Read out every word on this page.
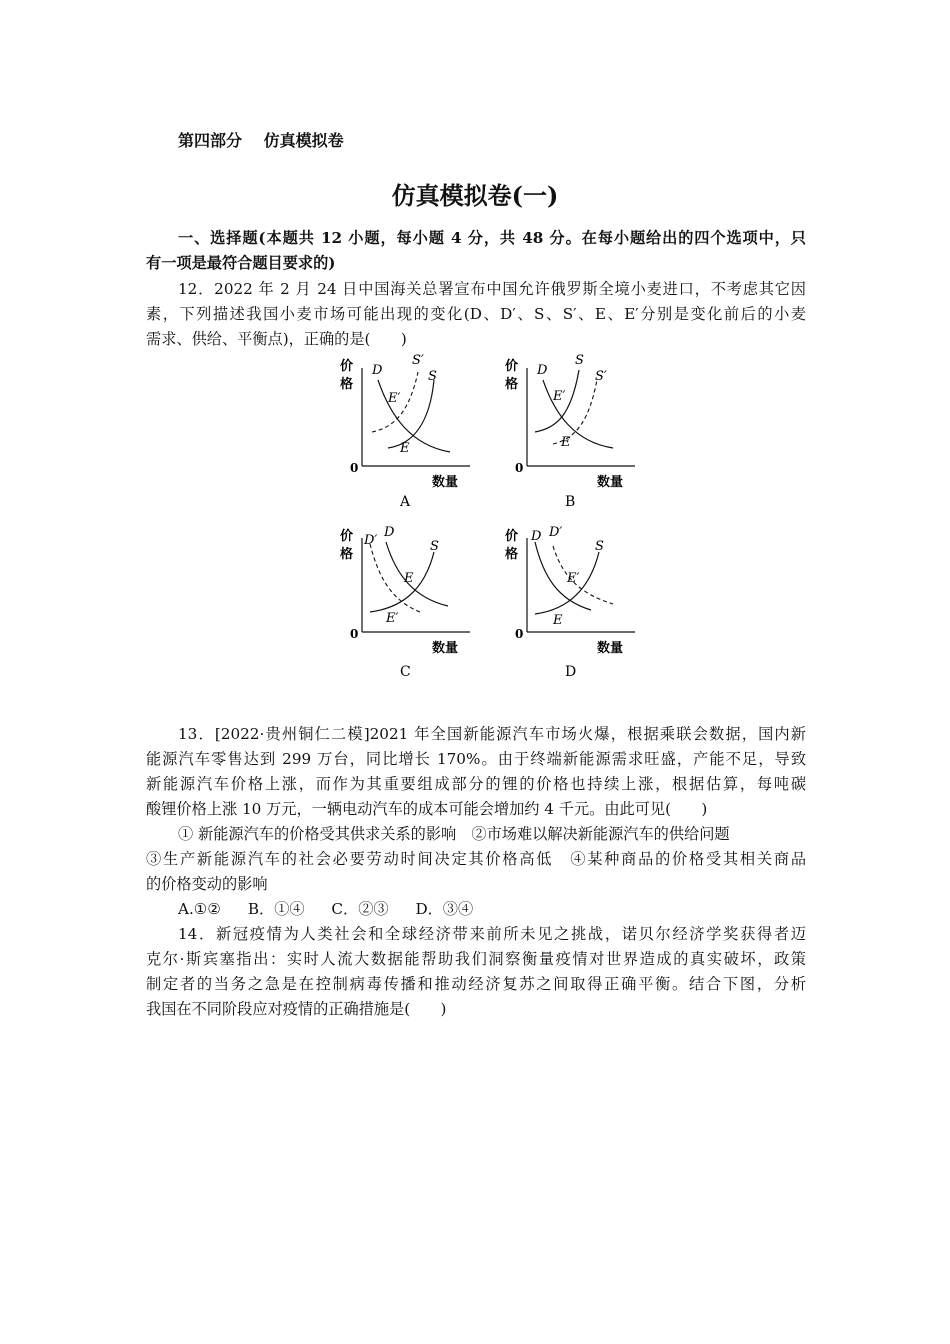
第四部分 仿真模拟卷
仿真模拟卷(一)
一、选择题(本题共 12 小题，每小题 4 分，共 48 分。在每小题给出的四个选项中，只
有一项是最符合题目要求的)
12．2022 年 2 月 24 日中国海关总署宣布中国允许俄罗斯全境小麦进口，不考虑其它因
素，下列描述我国小麦市场可能出现的变化(D、D′、S、S′、E、E′分别是变化前后的小麦
需求、供给、平衡点)，正确的是(　　)
价
格
0
数量
D
S′
S
E′
E
A
价
格
0
数量
D
S
S′
E′
E
B
价
格
0
数量
D′
D
S
E
E′
C
价
格
0
数量
D D′
S
E′
E
D
13．[2022·贵州铜仁二模]2021 年全国新能源汽车市场火爆，根据乘联会数据，国内新
能源汽车零售达到 299 万台，同比增长 170%。由于终端新能源需求旺盛，产能不足，导致
新能源汽车价格上涨，而作为其重要组成部分的锂的价格也持续上涨，根据估算，每吨碳
酸锂价格上涨 10 万元，一辆电动汽车的成本可能会增加约 4 千元。由此可见(　　)
① 新能源汽车的价格受其供求关系的影响　②市场难以解决新能源汽车的供给问题
③生产新能源汽车的社会必要劳动时间决定其价格高低　④某种商品的价格受其相关商品
的价格变动的影响
A.①② B．①④ C．②③ D．③④
14．新冠疫情为人类社会和全球经济带来前所未见之挑战，诺贝尔经济学奖获得者迈
克尔·斯宾塞指出：实时人流大数据能帮助我们洞察衡量疫情对世界造成的真实破坏，政策
制定者的当务之急是在控制病毒传播和推动经济复苏之间取得正确平衡。结合下图，分析
我国在不同阶段应对疫情的正确措施是(　　)
